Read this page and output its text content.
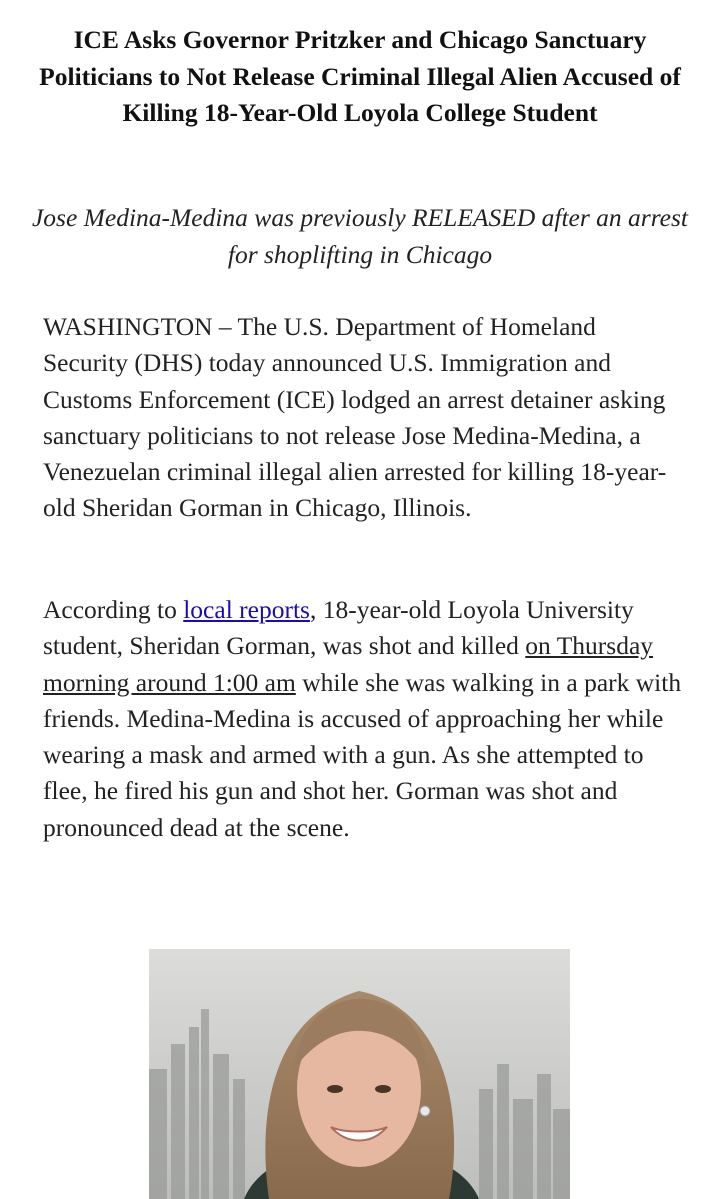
ICE Asks Governor Pritzker and Chicago Sanctuary Politicians to Not Release Criminal Illegal Alien Accused of Killing 18-Year-Old Loyola College Student

Jose Medina-Medina was previously RELEASED after an arrest for shoplifting in Chicago

WASHINGTON – The U.S. Department of Homeland Security (DHS) today announced U.S. Immigration and Customs Enforcement (ICE) lodged an arrest detainer asking sanctuary politicians to not release Jose Medina-Medina, a Venezuelan criminal illegal alien arrested for killing 18-year-old Sheridan Gorman in Chicago, Illinois.

According to local reports, 18-year-old Loyola University student, Sheridan Gorman, was shot and killed on Thursday morning around 1:00 am while she was walking in a park with friends. Medina-Medina is accused of approaching her while wearing a mask and armed with a gun. As she attempted to flee, he fired his gun and shot her. Gorman was shot and pronounced dead at the scene.
